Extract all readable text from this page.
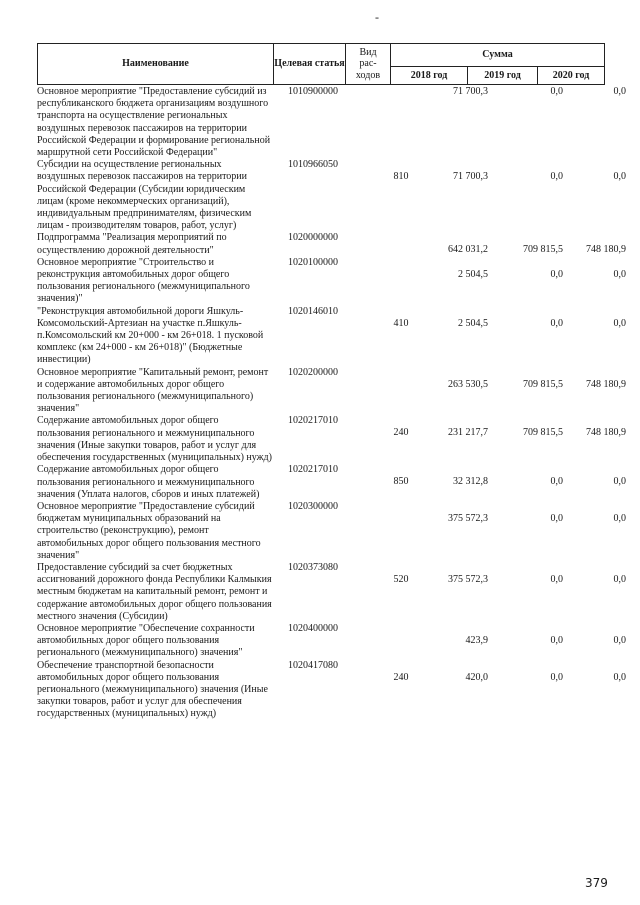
-
Наименование	Целевая статья
Вид рас-ходов
Сумма
2018 год	2019 год	2020 год
Основное мероприятие "Предоставление субсидий из республиканского бюджета организациям воздушного транспорта на осуществление региональных воздушных перевозок пассажиров на территории Российской Федерации и формирование региональной маршрутной сети Российской Федерации"	1010900000		71 700,3	0,0	0,0
Субсидии на осуществление региональных воздушных перевозок пассажиров на территории Российской Федерации (Субсидии юридическим лицам (кроме некоммерческих организаций), индивидуальным предпринимателям, физическим лицам - производителям товаров, работ, услуг)	1010966050	810	71 700,3	0,0	0,0
Подпрограмма "Реализация мероприятий по осуществлению дорожной деятельности"	1020000000		642 031,2	709 815,5	748 180,9
Основное мероприятие "Строительство и реконструкция автомобильных дорог общего пользования регионального (межмуниципального значения)"	1020100000		2 504,5	0,0	0,0
"Реконструкция автомобильной дороги Яшкуль-Комсомольский-Артезиан на участке п.Яшкуль-п.Комсомольский км 20+000 - км 26+018. 1 пусковой комплекс (км 24+000 - км 26+018)" (Бюджетные инвестиции)	1020146010	410	2 504,5	0,0	0,0
Основное мероприятие "Капитальный ремонт, ремонт и содержание автомобильных дорог общего пользования регионального (межмуниципального) значения"	1020200000		263 530,5	709 815,5	748 180,9
Содержание автомобильных дорог общего пользования регионального и межмуниципального значения (Иные закупки товаров, работ и услуг для обеспечения государственных (муниципальных) нужд)	1020217010	240	231 217,7	709 815,5	748 180,9
Содержание автомобильных дорог общего пользования регионального и межмуниципального значения (Уплата налогов, сборов и иных платежей)	1020217010	850	32 312,8	0,0	0,0
Основное мероприятие "Предоставление субсидий бюджетам муниципальных образований на строительство (реконструкцию), ремонт автомобильных дорог общего пользования местного значения"	1020300000		375 572,3	0,0	0,0
Предоставление субсидий за счет бюджетных ассигнований дорожного фонда Республики Калмыкия местным бюджетам на капитальный ремонт, ремонт и содержание автомобильных дорог общего пользования местного значения (Субсидии)	1020373080	520	375 572,3	0,0	0,0
Основное мероприятие "Обеспечение сохранности автомобильных дорог общего пользования регионального (межмуниципального) значения"	1020400000		423,9	0,0	0,0
Обеспечение транспортной безопасности автомобильных дорог общего пользования регионального (межмуниципального) значения (Иные закупки товаров, работ и услуг для обеспечения государственных (муниципальных) нужд)	1020417080	240	420,0	0,0	0,0
379
